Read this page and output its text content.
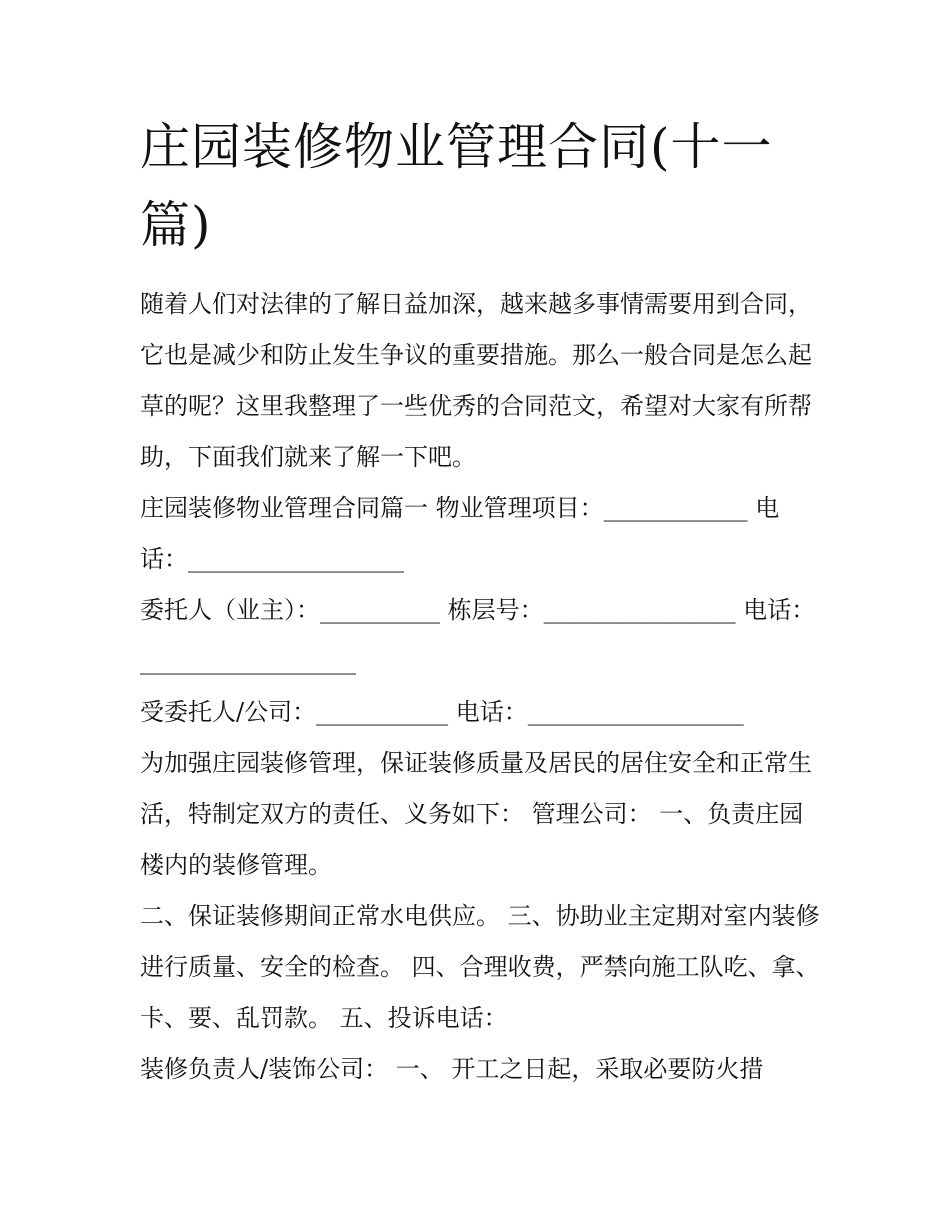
庄园装修物业管理合同(十一篇)

随着人们对法律的了解日益加深，越来越多事情需要用到合同，它也是减少和防止发生争议的重要措施。那么一般合同是怎么起草的呢？这里我整理了一些优秀的合同范文，希望对大家有所帮助，下面我们就来了解一下吧。

庄园装修物业管理合同篇一 物业管理项目：____________ 电话：__________________

委托人（业主）：__________ 栋层号：________________ 电话：__________________

受委托人/公司：___________ 电话：__________________

为加强庄园装修管理，保证装修质量及居民的居住安全和正常生活，特制定双方的责任、义务如下： 管理公司： 一、负责庄园楼内的装修管理。

二、保证装修期间正常水电供应。 三、协助业主定期对室内装修进行质量、安全的检查。 四、合理收费，严禁向施工队吃、拿、卡、要、乱罚款。 五、投诉电话：

装修负责人/装饰公司： 一、 开工之日起，采取必要防火措
